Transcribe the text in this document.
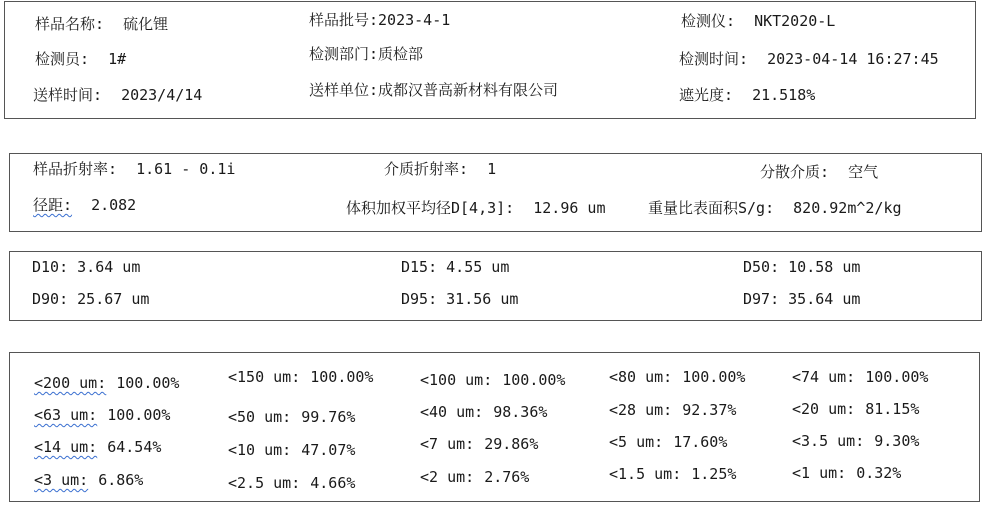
样品名称: 硫化锂	样品批号:2023-4-1	检测仪: NKT2020-L
检测员: 1#	检测部门:质检部	检测时间: 2023-04-14 16:27:45
送样时间: 2023/4/14	送样单位:成都汉普高新材料有限公司	遮光度: 21.518%
样品折射率: 1.61 - 0.1i	介质折射率: 1	分散介质: 空气
径距: 2.082	体积加权平均径D[4,3]: 12.96 um	重量比表面积S/g: 820.92m^2/kg
D10: 3.64 um	D15: 4.55 um	D50: 10.58 um
D90: 25.67 um	D95: 31.56 um	D97: 35.64 um
<200 um: 100.00%	<150 um: 100.00%	<100 um: 100.00%	<80 um: 100.00%	<74 um: 100.00%
<63 um: 100.00%	<50 um: 99.76%	<40 um: 98.36%	<28 um: 92.37%	<20 um: 81.15%
<14 um: 64.54%	<10 um: 47.07%	<7 um: 29.86%	<5 um: 17.60%	<3.5 um: 9.30%
<3 um: 6.86%	<2.5 um: 4.66%	<2 um: 2.76%	<1.5 um: 1.25%	<1 um: 0.32%
